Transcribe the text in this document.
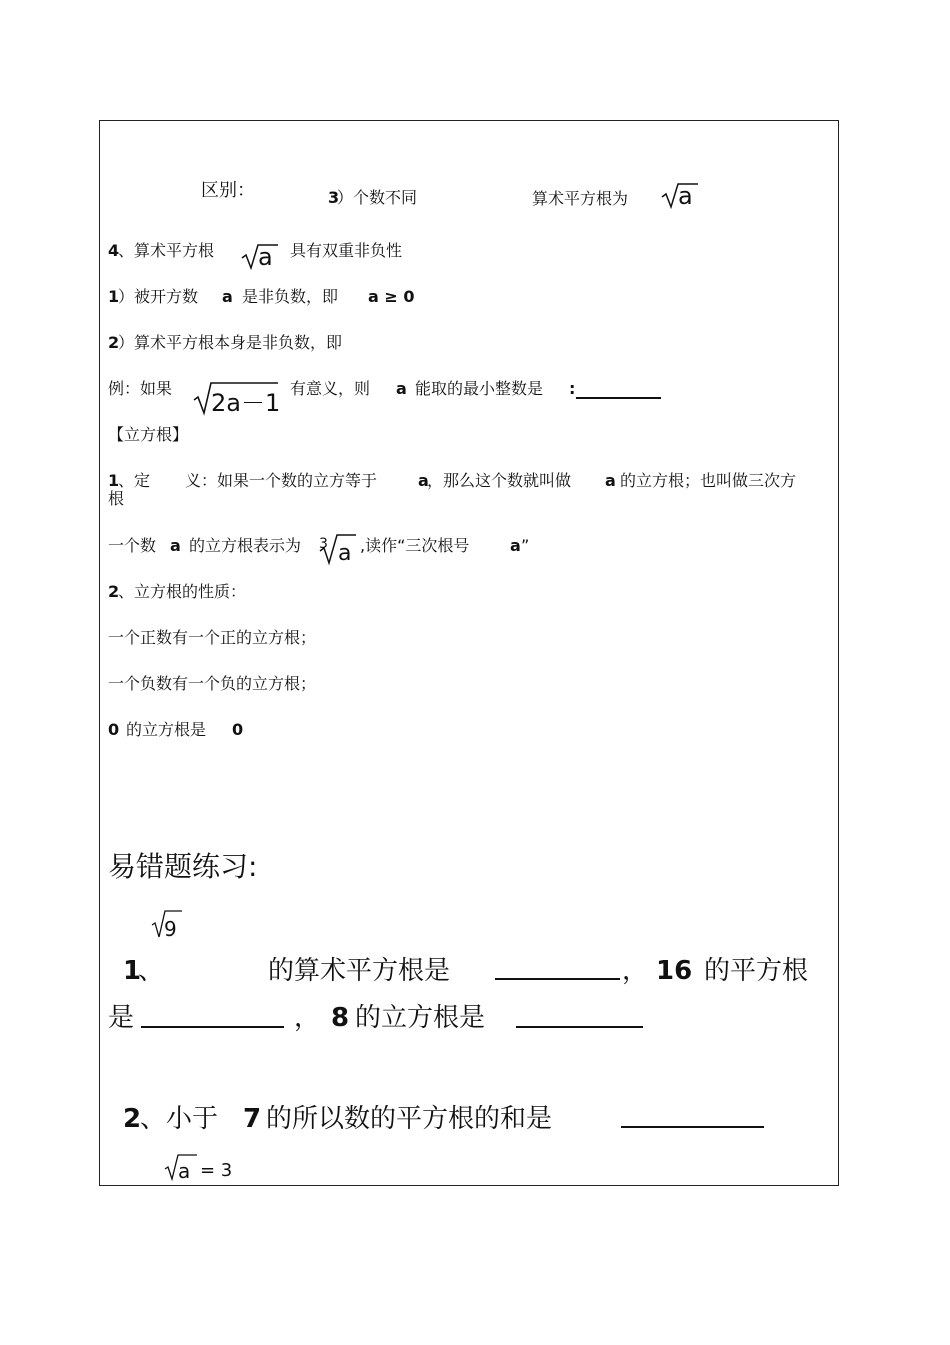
区别：	3
）个数不同	算术平方根为 a
4
、算术平方根 a 具有双重非负性
1
）被开方数 a 是非负数，即 a ≥ 0
2
）算术平方根本身是非负数，即
例：如果
2a－1
有意义，则 a 能取的最小整数是 :
【立方根】
1
、定 义：如果一个数的立方等于	a
，那么这个数就叫做 a 的立方根；也叫做三次方
根
一个数 a 的立方根表示为 3 a ,读作“三次根号	a ”
2
、立方根的性质：
一个正数有一个正的立方根；
一个负数有一个负的立方根；
0 的立方根是 0
易错题练习:
9
1
、	的算术平方根是	， 16 的平方根
是	， 8 的立方根是
2
、小于 7 的所以数的平方根的和是
a = 3
